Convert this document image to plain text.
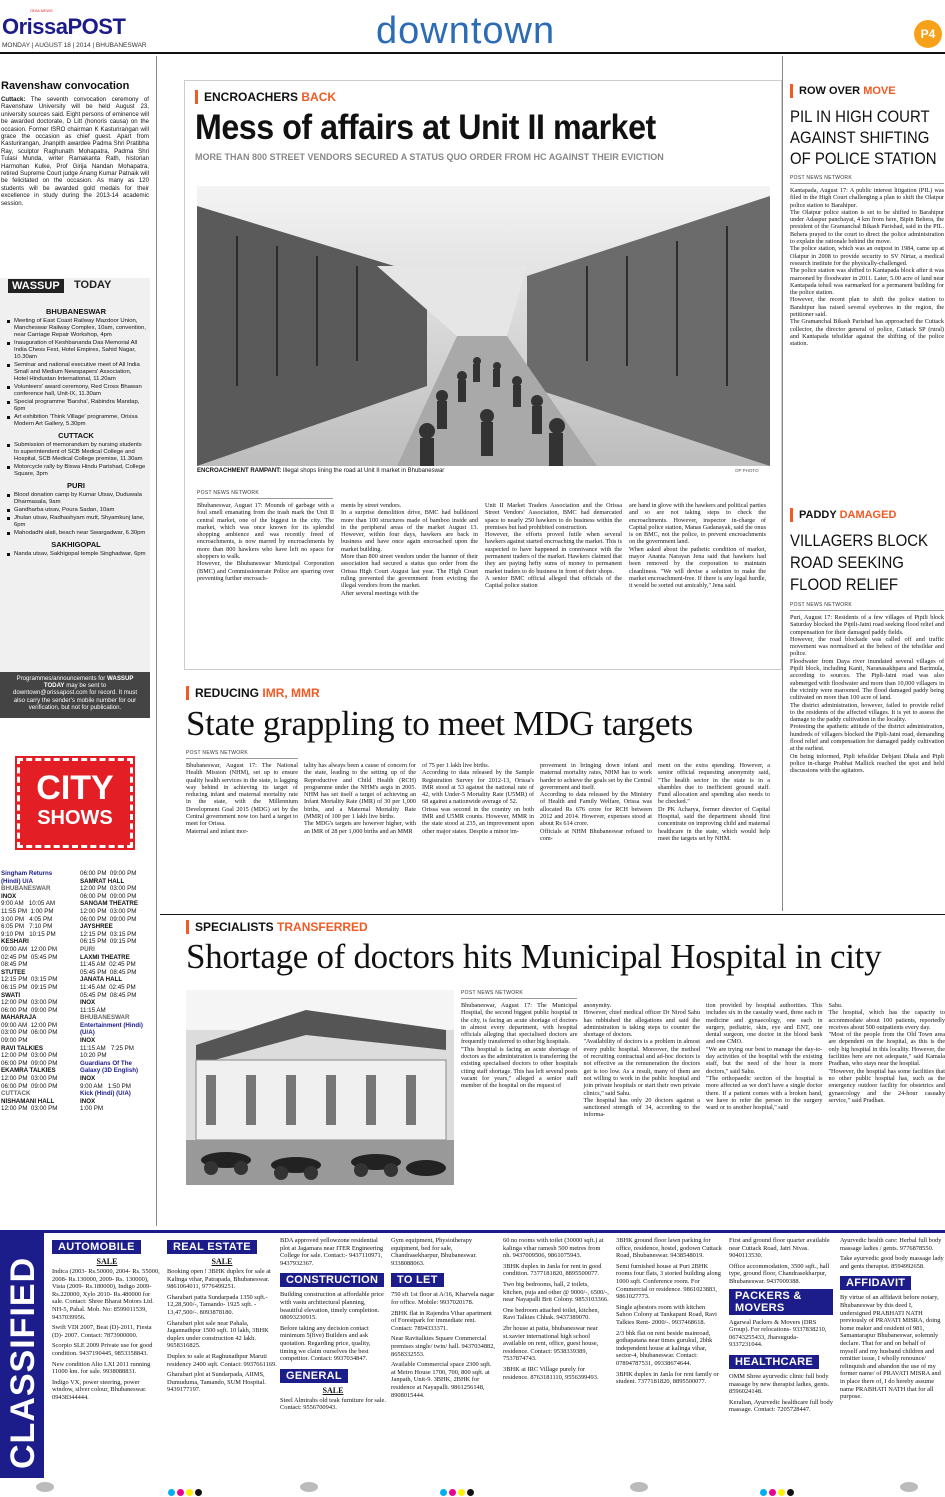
OrissaPOST
ODIA NEWS
MONDAY | AUGUST 18 | 2014 | BHUBANESWAR	downtown	P4
Ravenshaw convocation
Cuttack: The seventh convocation ceremony of Ravenshaw University will be held August 23, university sources said. Eight persons of eminence will be awarded doctorate, D Litt (honoris causa) on the occasion. Former ISRO chairman K Kasturirangan will grace the occasion as chief guest. Apart from Kasturirangan, Jnanpith awardee Padma Shri Pratibha Ray, sculptor Raghunath Mohapatra, Padma Shri Tulasi Munda, writer Ramakanta Rath, historian Harmohan Kulke, Prof Girija Nandan Mohapatra, retired Supreme Court judge Anang Kumar Patnaik will be felicitated on the occasion. As many as 120 students will be awarded gold medals for their excellence in study during the 2013-14 academic session.
WASSUP	TODAY
BHUBANESWAR
Meeting of East Coast Railway Mazdoor Union, Mancheswar Railway Complex, 10am, convention, near Carriage Repair Workshop, 4pm
Inauguration of Keshbananda Das Memorial All India Chess Fest, Hotel Empires, Sahid Nagar, 10.30am
Seminar and national executive meet of All India Small and Medium Newspapers' Association, Hotel Hindustan International, 11.20am
Volunteers' award ceremony, Red Cross Bhawan conference hall, Unit-IX, 11.30am
Special programme 'Barsha', Rabindra Mandap, 6pm
Art exhibition 'Think Village' programme, Orissa Modern Art Gallery, 5.30pm
CUTTACK
Submission of memorandum by nursing students to superintendent of SCB Medical College and Hospital, SCB Medical College premise, 11.30am
Motorcycle rally by Biswa Hindu Parishad, College Square, 3pm
PURI
Blood donation camp by Kumar Utsav, Duduwala Dharmasala, 9am
Gandharba utsav, Poura Sadan, 10am
Jhulan utsav, Radhashyam mutt, Shyamkunj lane, 6pm
Mahodadhi alati, beach near Swargadwar, 6.30pm
SAKHIGOPAL
Nanda utsav, Sakhigopal temple Singhadwar, 6pm
Programmes/announcements for WASSUP TODAY may be sent to downtown@orissapost.com for record. It must also carry the sender's mobile number for our verification, but not for publication.
CITY
SHOWS
Singham Returns (Hindi) U/A
BHUBANESWAR
INOX
9:00 AM   10:05 AM
11:55 PM  1:00 PM
3:00 PM   4:05 PM
6:05 PM   7:10 PM
9:10 PM   10:15 PM
KESHARI
09:00 AM  12:00 PM
02:45 PM  05:45 PM
08:45 PM
STUTEE
12:15 PM  03:15 PM
06:15 PM  09:15 PM
SWATI
12:00 PM  03:00 PM
06:00 PM  09:00 PM
MAHARAJA
09:00 AM  12:00 PM
03:00 PM  06:00 PM
09:00 PM
RAVI TALKIES
12:00 PM  03:00 PM
06:00 PM  09:00 PM
EKAMRA TALKIES
12:00 PM  03:00 PM
06:00 PM  09:00 PM
CUTTACK
NISHAMANI HALL
12:00 PM  03:00 PM
06:00 PM  09:00 PM
SAMRAT HALL
12:00 PM  03:00 PM
06:00 PM  09:00 PM
SANGAM THEATRE
12:00 PM  03:00 PM
06:00 PM  09:00 PM
JAYSHREE
12:15 PM  03:15 PM
06:15 PM  09:15 PM
PURI
LAXMI THEATRE
11:45 AM  02:45 PM
05:45 PM  08:45 PM
JANATA HALL
11:45 AM  02:45 PM
05:45 PM  08:45 PM
INOX
11:15 AM
BHUBANESWAR
Entertainment (Hindi) (U/A)
INOX
11:15 AM   7:25 PM
10:20 PM
Guardians Of The Galaxy (3D English)
INOX
9:00 AM   1:50 PM
Kick (Hindi) (U/A)
INOX
1:00 PM
ENCROACHERS BACK
Mess of affairs at Unit II market
MORE THAN 800 STREET VENDORS SECURED A STATUS QUO ORDER FROM HC AGAINST THEIR EVICTION
ENCROACHMENT RAMPANT: Illegal shops lining the road at Unit II market in Bhubaneswar	OP PHOTO
POST NEWS NETWORK
Bhubaneswar, August 17: Mounds of garbage with a foul smell emanating from the trash mark the Unit II central market, one of the biggest in the city. The market, which was once known for its splendid shopping ambience and was recently freed of encroachments, is now marred by encroachments by more than 800 hawkers who have left no space for shoppers to walk.
However, the Bhubaneswar Municipal Corporation (BMC) and Commissionerate Police are sparring over preventing further encroach-
ments by street vendors.
In a surprise demolition drive, BMC had bulldozed more than 100 structures made of bamboo inside and in the peripheral areas of the market August 13. However, within four days, hawkers are back in business and have once again encroached upon the market building.
More than 800 street vendors under the banner of their association had secured a status quo order from the Orissa High Court August last year. The High Court ruling prevented the government from evicting the illegal vendors from the market.
After several meetings with the
Unit II Market Traders Association and the Orissa Street Vendors' Association, BMC had demarcated space to nearly 250 hawkers to do business within the premises but had prohibited construction.
However, the efforts proved futile when several hawkers against started encroaching the market. This is suspected to have happened in connivance with the permanent traders of the market. Hawkers claimed that they are paying hefty sums of money to permanent market traders to do business in front of their shops.
A senior BMC official alleged that officials of the Capital police station
are hand in glove with the hawkers and political parties and so are not taking steps to check the encroachments. However, inspector in-charge of Capital police station, Manas Gadanayak, said the onus is on BMC, not the police, to prevent encroachments on the government land.
When asked about the pathetic condition of market, mayor Ananta Narayan Jena said that hawkers had been removed by the corporation to maintain cleanliness. "We will devise a solution to make the market encroachment-free. If there is any legal hurdle, it would be sorted out amicably," Jena said.
ROW OVER MOVE
PIL IN HIGH COURT AGAINST SHIFTING OF POLICE STATION
POST NEWS NETWORK
Kantapada, August 17: A public interest litigation (PIL) was filed in the High Court challenging a plan to shift the Olatpur police station to Barahipur.
The Olatpur police station is set to be shifted to Barahipur under Adaspur panchayat, 4 km from here, Bipin Behera, the president of the Gramanchal Bikash Parishad, said in the PIL. Behera prayed to the court to direct the police administration to explain the rationale behind the move.
The police station, which was an outpost in 1984, came up at Olatpur in 2008 to provide security to SV Nirtar, a medical research institute for the physically-challenged.
The police station was shifted to Kantapada block after it was marooned by floodwater in 2011. Later, 5.00 acre of land near Kantapada tehsil was earmarked for a permanent building for the police station.
However, the recent plan to shift the police station to Barahipur has raised several eyebrows in the region, the petitioner said.
The Gramanchal Bikash Parishad has approached the Cuttack collector, the director general of police, Cuttack SP (rural) and Kantapada tehsildar against the shifting of the police station.
PADDY DAMAGED
VILLAGERS BLOCK ROAD SEEKING FLOOD RELIEF
POST NEWS NETWORK
Puri, August 17: Residents of a few villages of Pipili block Saturday blocked the Pipili-Jatni road seeking flood relief and compensation for their damaged paddy fields.
However, the road blockade was called off and traffic movement was normalised at the behest of the tehsildar and police.
Floodwater from Daya river inundated several villages of Pipili block, including Kanti, Naranasakhpara and Barimula, according to sources. The Pipli-Jatni road was also submerged with floodwater and more than 10,000 villagers in the vicinity were marooned. The flood damaged paddy being cultivated on more than 100 acre of land.
The district administration, however, failed to provide relief to the residents of the affected villages. It is yet to assess the damage to the paddy cultivation in the locality.
Protesting the apathetic attitude of the district administration, hundreds of villagers blocked the Pipli-Jatni road, demanding flood relief and compensation for damaged paddy cultivation at the earliest.
On being informed, Pipli tehsildar Debjani Dhala and Pipli police in-charge Prabhat Mallick reached the spot and held discussions with the agitators.
REDUCING IMR, MMR
State grappling to meet MDG targets
POST NEWS NETWORK
Bhubaneswar, August 17: The National Health Mission (NHM), set up to ensure quality health services in the state, is lagging way behind in achieving its target of reducing infant and maternal mortality rate in the state, with the Millennium Development Goal 2015 (MDG) set by the Central government now too hard a target to meet for Orissa.
Maternal and infant mor-
tality has always been a cause of concern for the state, leading to the setting up of the Reproductive and Child Health (RCH) programme under the NHM's aegis in 2005. NHM has set itself a target of achieving an Infant Mortality Rate (IMR) of 30 per 1,000 births, and a Maternal Mortality Rate (MMR) of 100 per 1 lakh live births.
The MDG's targets are however higher, with an IMR of 28 per 1,000 births and an MMR
of 75 per 1 lakh live births.
According to data released by the Sample Registration Survey for 2012-13, Orissa's IMR stood at 53 against the national rate of 42, with Under-5 Mortality Rate (U5MR) of 68 against a nationwide average of 52.
Orissa was second in the country on both IMR and U5MR counts. However, MMR in the state stood at 235, an improvement upon other major states. Despite a minor im-
provement in bringing down infant and maternal mortality rates, NHM has to work harder to achieve the goals set by the Central government and itself.
According to data released by the Ministry of Health and Family Welfare, Orissa was allocated Rs 676 crore for RCH between 2012 and 2014. However, expenses stood at about Rs 614 crore.
Officials at NHM Bhubaneswar refused to com-
ment on the extra spending. However, a senior official requesting anonymity said, "The health sector in the state is in a shambles due to inefficient ground staff. Fund allocation and spending also needs to be checked."
Dr PK Acharya, former director of Capital Hospital, said the department should first concentrate on improving child and maternal healthcare in the state, which would help meet the targets set by NHM.
SPECIALISTS TRANSFERRED
Shortage of doctors hits Municipal Hospital in city
POST NEWS NETWORK
Bhubaneswar, August 17: The Municipal Hospital, the second biggest public hospital in the city, is facing an acute shortage of doctors in almost every department, with hospital officials alleging that specialised doctors are frequently transferred to other big hospitals.
"This hospital is facing an acute shortage of doctors as the administration is transferring the existing specialised doctors to other hospitals citing staff shortage. This has left several posts vacant for years," alleged a senior staff member of the hospital on the request of
anonymity.
However, chief medical officer Dr Nirod Sahu has rubbished the allegations and said the administration is taking steps to counter the shortage of doctors.
"Availability of doctors is a problem in almost every public hospital. Moreover, the method of recruiting contractual and ad-hoc doctors is not effective as the remuneration the doctors get is too low. As a result, many of them are not willing to work in the public hospital and join private hospitals or start their own private clinics," said Sahu.
The hospital has only 20 doctors against a sanctioned strength of 34, according to the informa-
tion provided by hospital authorities. This includes six in the casualty ward, three each in medicine and gynaecology, one each in surgery, pediatric, skin, eye and ENT, one dental surgeon, one doctor in the blood bank and one CMO.
"We are trying our best to manage the day-to-day activities of the hospital with the existing staff, but the need of the hour is more doctors," said Sahu.
"The orthopaedic section of the hospital is more affected as we don't have a single doctor there. If a patient comes with a broken hand, we have to refer the person to the surgery ward or to another hospital," said
Sahu.
The hospital, which has the capacity to accommodate about 100 patients, reportedly receives about 500 outpatients every day.
"Most of the people from the Old Town area are dependent on the hospital, as this is the only big hospital in this locality. However, the facilities here are not adequate," said Kamala Pradhan, who stays near the hospital.
"However, the hospital has some facilities that no other public hospital has, such as the emergency outdoor facility for obstetrics and gynaecology and the 24-hour casualty service," said Pradhan.
CLASSIFIED
AUTOMOBILE
SALE

Indica (2003- Rs.50000, 2004- Rs. 55000, 2008- Rs.130000, 2009- Rs. 130000), Vista (2009- Rs.180000), Indigo 2009- Rs.220000, Xylo 2010- Rs.480000 for sale. Contact: Shree Bharat Motors Ltd. NH-5, Pahal. Mob. No: 8599011539, 9437039956.

Swift VDI 2007, Beat (D)-2011, Fiesta (D)- 2007. Contact: 7873900000.

Scorpio SLE 2009 Private use for good condition. 9437190445, 9853358843.

New condition Alto LXI 2011 running 11000 km. for sale. 9938088831.

Indigo VX, power steering, power window, silver colour, Bhubaneswar. 09438344444.

REAL ESTATE
SALE

Booking open ! 3BHK duplex for sale at Kalinga vihar, Patrapada, Bhubaneswar. 9861064011, 9776499251.

Gharabari patta Sundarpada 1350 sqft.- 12,28,500/-, Tamando- 1925 sqft. - 13,47,500/-. 8093878180.

Gharabari plot sale near Pahala, Jagannathpur 1500 sqft. 10 lakh, 3BHK duplex under construction 42 lakh. 9658316825.

Duplex to sale at Raghunathpur Maruti residency 2400 sqft. Contact: 9937661169.

Gharabari plot at Sundarpada, AIIMS, Dumuduma, Tamando, SUM Hospital. 9439177197.

BDA approved yellowzone residential plot at Jagamara near ITER Engineering College for sale. Contact:- 9437110971, 9437932367.

CONSTRUCTION

Building construction at affordable price with vastu architectural planning, beautiful elevation, timely completion. 08093230915.

Before taking any decision contact minimum 5(five) Builders and ask quotation. Regarding price, quality, timing we claim ourselves the best competitor. Contact: 9937034847.

GENERAL
SALE

Steel Almirahs old teak furniture for sale. Contact: 9556700943.

Gym equipment, Physiotherapy equipment, bed for sale, Chandrasekharpur, Bhubaneswar. 9338088063.

TO LET

750 sft 1st floor at A/16, Kharvela nagar for office. Mobile: 9937020178.

2BHK flat in Rajendra Vihar apartment of Forestpark for immediate rent. Contact: 7894333371.

Near Ravitalkies Square Commercial premises single/ twin/ hall. 9437034882, 8658332553.

Available Commercial space 2300 sqft. at Metro House 1700, 700, 800 sqft. at Janpath, Unit-9. 3BHK, 2BHK for residence at Nayapalli. 9861256148, 8908015444.

60 no rooms with toilet (30000 sqft.) at kalinga vihar ramesh 500 metres from nh. 9437009506, 9861075943.

3BHK duplex in Janla for rent in good condition. 7377181820, 8895500077.

Two big bedrooms, hall, 2 toilets, kitchen, puja and other @ 9000/-, 6500/-, near Nayapalli Brit Colony. 9853103366.

One bedroom attached toilet, kitchen, Ravi Talkies Chhak. 9437389070.

2br house at patia, bhubaneswar near st.xavier international high school available on rent, office, guest house, residence. Contact: 9538339389, 7537874743.

3BHK at IRC Village purely for residence. 8763181110, 9556399493.

3BHK ground floor lawn parking for office, residence, hostel, godown Cuttack Road, Bhubaneswar. 9438548019.

Semi furnished house at Puri 2BHK rooms four flats, 3 storied building along 1000 sqft. Conference room. For Commercial or residence. 9861023883, 9861027773.

Single ajbestors room with kitchen Sahoo Colony at Tankapani Road, Ravi Talkies Rent- 2000/-. 9937468618.

2/3 bhk flat on rent beside mainroad, gothapatana near times gurukul, 2bhk independent house at kalinga vihar, sector-4, bhubaneswar. Contact: 07894787531, 09338674644.

3BHK duplex in Janla for rent family or student. 7377181820, 8895500077.

First and ground floor quarter available near Cuttack Road, Jatri Nivas. 9040113530.

Office accommodation, 3500 sqft., hall type, ground floor, Chandrasekharpur, Bhubaneswar. 9437009388.

PACKERS & MOVERS

Agarwal Packers & Movers (DRS Group). For relocations- 9337838210, 06743255433, Jharsuguda- 9337231044.

HEALTHCARE

OMM Shree ayurvedic clinic full body massage by new therapist ladies, gents. 8596024148.

Keralian, Ayurvedic healthcare full body massage. Contact: 7205728447.

Ayurvedic health care: Herbal full body massage ladies / gents. 9776878550.

Take ayurvedic good body massage lady and gents therapist. 8594992658.

AFFIDAVIT

By virtue of an affidavit before notary, Bhubaneswar by this deed I, undersigned PRABHATI NATH previously of PRAVATI MISRA, doing home maker and resident of 981, Samantarapur Bhubaneswar, solemnly declare. That for and on behalf of myself and my husband children and remitter issue, I wholly renounce/ relinquish and abandon the use of my former name/ of PRAVATI MISRA and in place there of, I do hereby assume name PRABHATI NATH that for all purpose.
